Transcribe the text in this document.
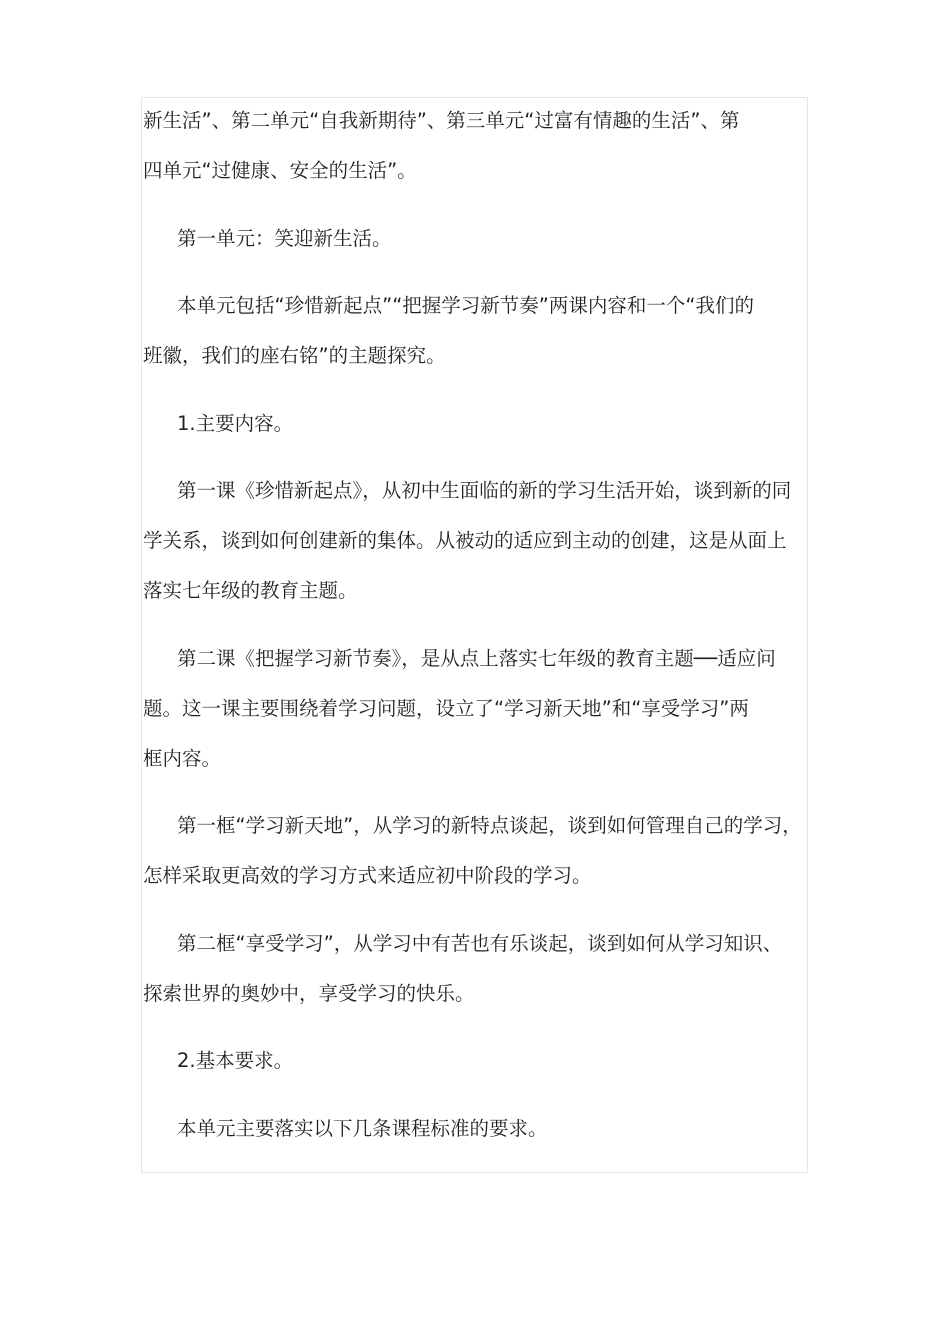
新生活”、第二单元“自我新期待”、第三单元“过富有情趣的生活”、第
四单元“过健康、安全的生活”。
第一单元：笑迎新生活。
本单元包括“珍惜新起点”“把握学习新节奏”两课内容和一个“我们的
班徽，我们的座右铭”的主题探究。
1.主要内容。
第一课《珍惜新起点》，从初中生面临的新的学习生活开始，谈到新的同
学关系，谈到如何创建新的集体。从被动的适应到主动的创建，这是从面上
落实七年级的教育主题。
第二课《把握学习新节奏》，是从点上落实七年级的教育主题──适应问
题。这一课主要围绕着学习问题，设立了“学习新天地”和“享受学习”两
框内容。
第一框“学习新天地”，从学习的新特点谈起，谈到如何管理自己的学习，
怎样采取更高效的学习方式来适应初中阶段的学习。
第二框“享受学习”，从学习中有苦也有乐谈起，谈到如何从学习知识、
探索世界的奥妙中，享受学习的快乐。
2.基本要求。
本单元主要落实以下几条课程标准的要求。
